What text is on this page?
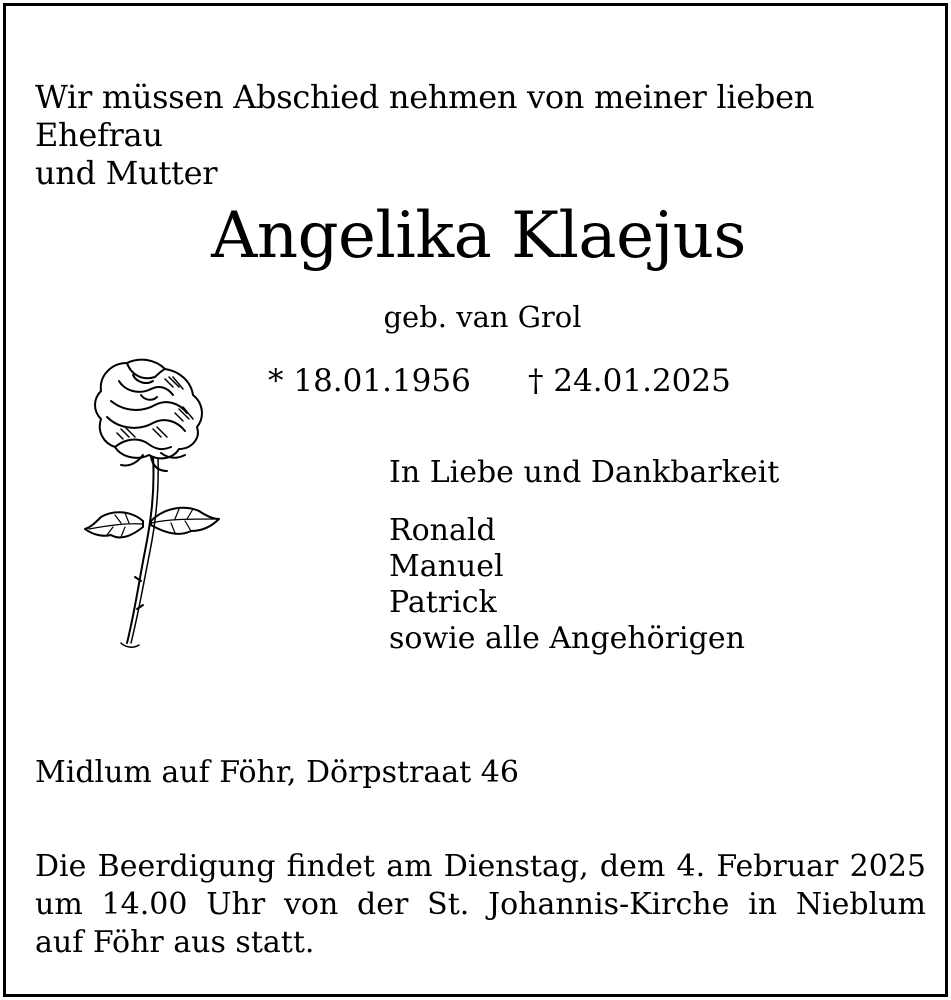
Wir müssen Abschied nehmen von meiner lieben Ehefrau
und Mutter
Angelika Klaejus
geb. van Grol
* 18.01.1956 † 24.01.2025
In Liebe und Dankbarkeit
Ronald
Manuel
Patrick
sowie alle Angehörigen
Midlum auf Föhr, Dörpstraat 46
Die Beerdigung findet am Dienstag, dem 4. Februar 2025
um 14.00 Uhr von der St. Johannis-Kirche in Nieblum
auf Föhr aus statt.
